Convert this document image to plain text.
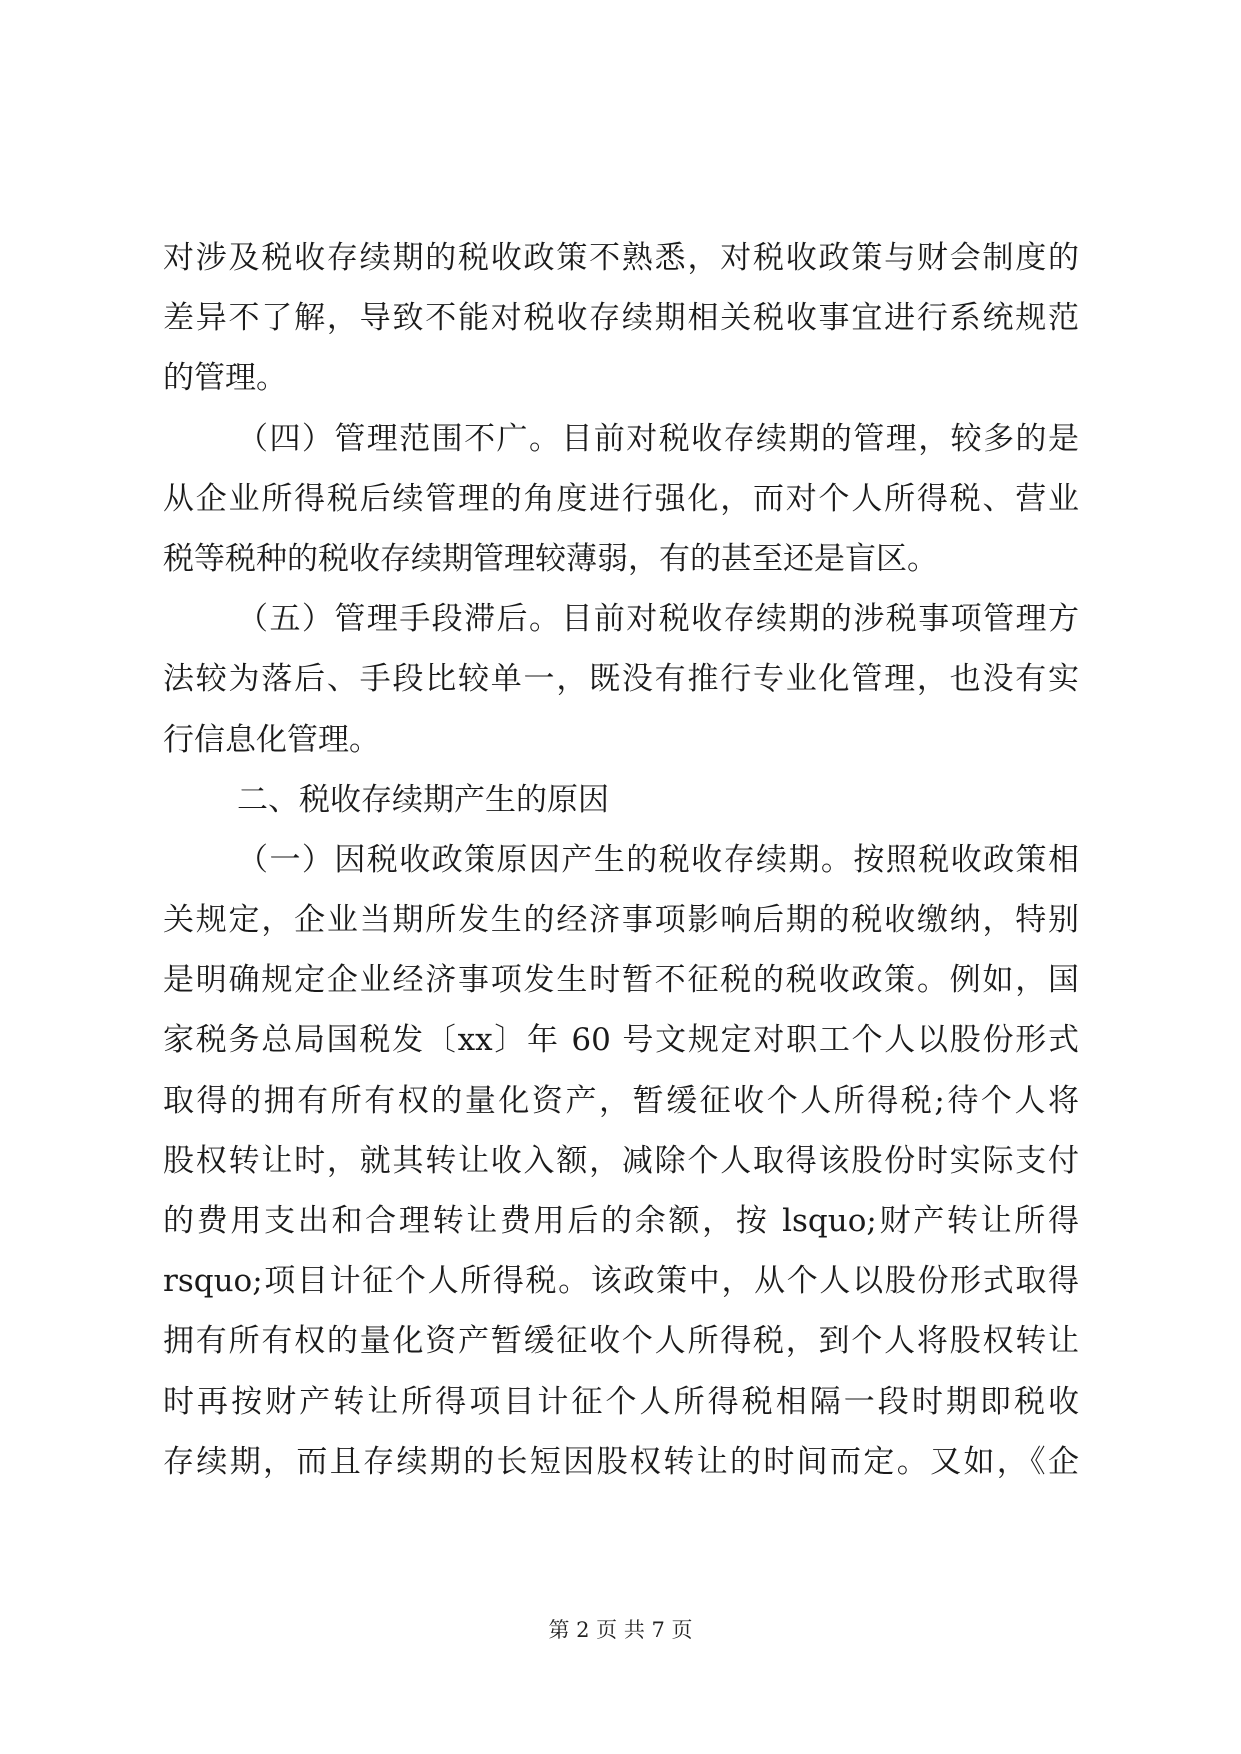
对涉及税收存续期的税收政策不熟悉，对税收政策与财会制度的
差异不了解，导致不能对税收存续期相关税收事宜进行系统规范
的管理。
（四）管理范围不广。目前对税收存续期的管理，较多的是
从企业所得税后续管理的角度进行强化，而对个人所得税、营业
税等税种的税收存续期管理较薄弱，有的甚至还是盲区。
（五）管理手段滞后。目前对税收存续期的涉税事项管理方
法较为落后、手段比较单一，既没有推行专业化管理，也没有实
行信息化管理。
二、税收存续期产生的原因
（一）因税收政策原因产生的税收存续期。按照税收政策相
关规定，企业当期所发生的经济事项影响后期的税收缴纳，特别
是明确规定企业经济事项发生时暂不征税的税收政策。例如，国
家税务总局国税发〔xx〕年 60 号文规定对职工个人以股份形式
取得的拥有所有权的量化资产，暂缓征收个人所得税;待个人将
股权转让时，就其转让收入额，减除个人取得该股份时实际支付
的费用支出和合理转让费用后的余额，按 lsquo;财产转让所得
rsquo;项目计征个人所得税。该政策中，从个人以股份形式取得
拥有所有权的量化资产暂缓征收个人所得税，到个人将股权转让
时再按财产转让所得项目计征个人所得税相隔一段时期即税收
存续期，而且存续期的长短因股权转让的时间而定。又如，《企
第 2 页 共 7 页
